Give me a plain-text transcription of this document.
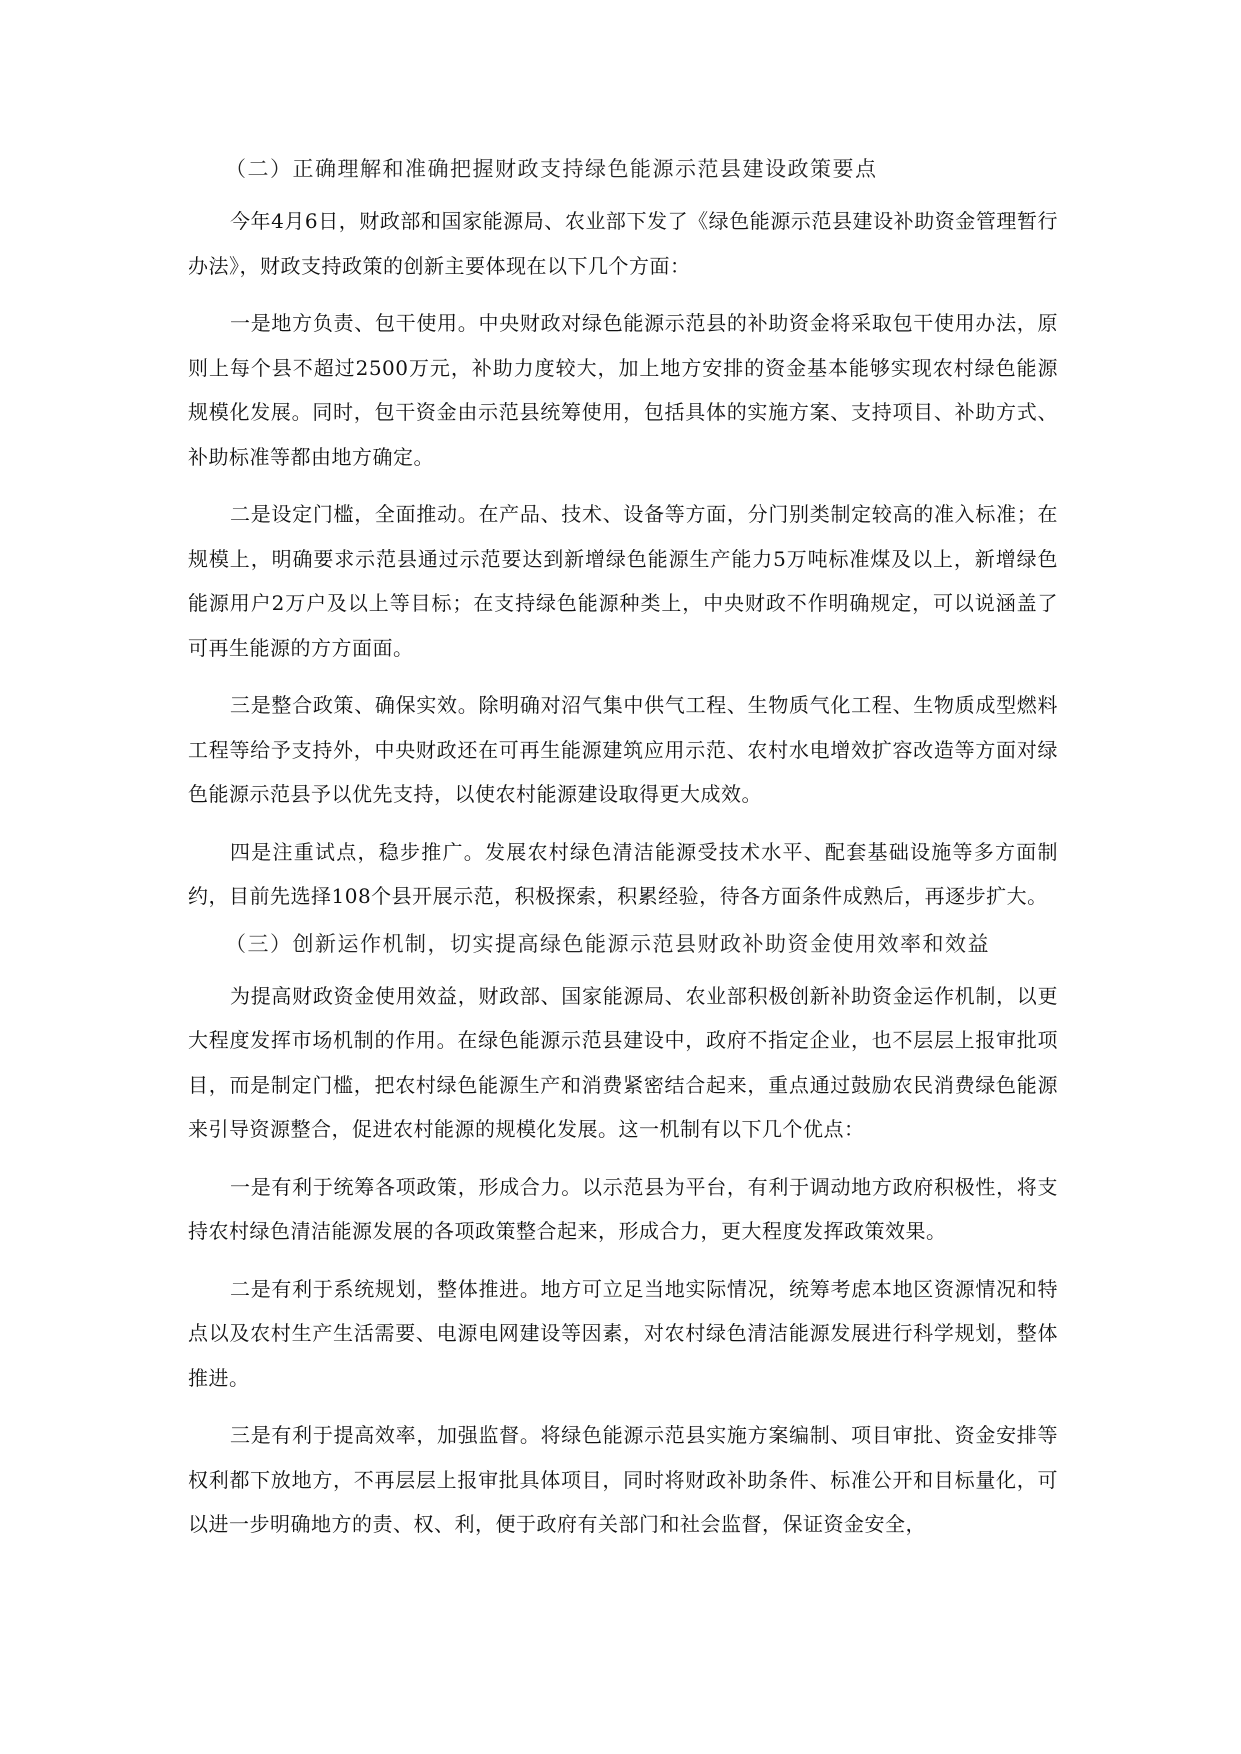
（二）正确理解和准确把握财政支持绿色能源示范县建设政策要点

今年4月6日，财政部和国家能源局、农业部下发了《绿色能源示范县建设补助资金管理暂行办法》，财政支持政策的创新主要体现在以下几个方面：

一是地方负责、包干使用。中央财政对绿色能源示范县的补助资金将采取包干使用办法，原则上每个县不超过2500万元，补助力度较大，加上地方安排的资金基本能够实现农村绿色能源规模化发展。同时，包干资金由示范县统筹使用，包括具体的实施方案、支持项目、补助方式、补助标准等都由地方确定。

二是设定门槛，全面推动。在产品、技术、设备等方面，分门别类制定较高的准入标准；在规模上，明确要求示范县通过示范要达到新增绿色能源生产能力5万吨标准煤及以上，新增绿色能源用户2万户及以上等目标；在支持绿色能源种类上，中央财政不作明确规定，可以说涵盖了可再生能源的方方面面。

三是整合政策、确保实效。除明确对沼气集中供气工程、生物质气化工程、生物质成型燃料工程等给予支持外，中央财政还在可再生能源建筑应用示范、农村水电增效扩容改造等方面对绿色能源示范县予以优先支持，以使农村能源建设取得更大成效。

四是注重试点，稳步推广。发展农村绿色清洁能源受技术水平、配套基础设施等多方面制约，目前先选择108个县开展示范，积极探索，积累经验，待各方面条件成熟后，再逐步扩大。

（三）创新运作机制，切实提高绿色能源示范县财政补助资金使用效率和效益

为提高财政资金使用效益，财政部、国家能源局、农业部积极创新补助资金运作机制，以更大程度发挥市场机制的作用。在绿色能源示范县建设中，政府不指定企业，也不层层上报审批项目，而是制定门槛，把农村绿色能源生产和消费紧密结合起来，重点通过鼓励农民消费绿色能源来引导资源整合，促进农村能源的规模化发展。这一机制有以下几个优点：

一是有利于统筹各项政策，形成合力。以示范县为平台，有利于调动地方政府积极性，将支持农村绿色清洁能源发展的各项政策整合起来，形成合力，更大程度发挥政策效果。

二是有利于系统规划，整体推进。地方可立足当地实际情况，统筹考虑本地区资源情况和特点以及农村生产生活需要、电源电网建设等因素，对农村绿色清洁能源发展进行科学规划，整体推进。

三是有利于提高效率，加强监督。将绿色能源示范县实施方案编制、项目审批、资金安排等权利都下放地方，不再层层上报审批具体项目，同时将财政补助条件、标准公开和目标量化，可以进一步明确地方的责、权、利，便于政府有关部门和社会监督，保证资金安全，
